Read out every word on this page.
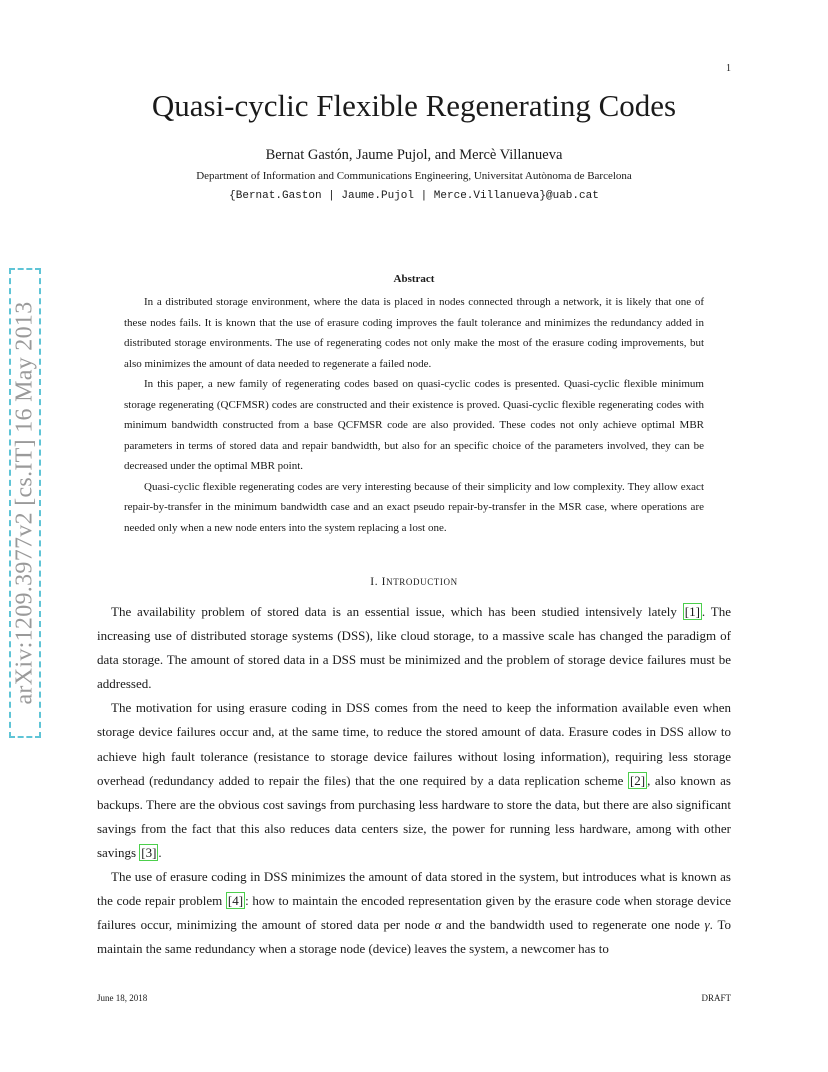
1
arXiv:1209.3977v2 [cs.IT] 16 May 2013
Quasi-cyclic Flexible Regenerating Codes
Bernat Gastón, Jaume Pujol, and Mercè Villanueva
Department of Information and Communications Engineering, Universitat Autònoma de Barcelona
{Bernat.Gaston | Jaume.Pujol | Merce.Villanueva}@uab.cat
Abstract

In a distributed storage environment, where the data is placed in nodes connected through a network, it is likely that one of these nodes fails. It is known that the use of erasure coding improves the fault tolerance and minimizes the redundancy added in distributed storage environments. The use of regenerating codes not only make the most of the erasure coding improvements, but also minimizes the amount of data needed to regenerate a failed node.

In this paper, a new family of regenerating codes based on quasi-cyclic codes is presented. Quasi-cyclic flexible minimum storage regenerating (QCFMSR) codes are constructed and their existence is proved. Quasi-cyclic flexible regenerating codes with minimum bandwidth constructed from a base QCFMSR code are also provided. These codes not only achieve optimal MBR parameters in terms of stored data and repair bandwidth, but also for an specific choice of the parameters involved, they can be decreased under the optimal MBR point.

Quasi-cyclic flexible regenerating codes are very interesting because of their simplicity and low complexity. They allow exact repair-by-transfer in the minimum bandwidth case and an exact pseudo repair-by-transfer in the MSR case, where operations are needed only when a new node enters into the system replacing a lost one.

I. INTRODUCTION

The availability problem of stored data is an essential issue, which has been studied intensively lately [1] . The increasing use of distributed storage systems (DSS), like cloud storage, to a massive scale has changed the paradigm of data storage. The amount of stored data in a DSS must be minimized and the problem of storage device failures must be addressed.

The motivation for using erasure coding in DSS comes from the need to keep the information available even when storage device failures occur and, at the same time, to reduce the stored amount of data. Erasure codes in DSS allow to achieve high fault tolerance (resistance to storage device failures without losing information), requiring less storage overhead (redundancy added to repair the files) that the one required by a data replication scheme [2] , also known as backups. There are the obvious cost savings from purchasing less hardware to store the data, but there are also significant savings from the fact that this also reduces data centers size, the power for running less hardware, among with other savings [3] .

The use of erasure coding in DSS minimizes the amount of data stored in the system, but introduces what is known as the code repair problem [4] : how to maintain the encoded representation given by the erasure code when storage device failures occur, minimizing the amount of stored data per node α and the bandwidth used to regenerate one node γ. To maintain the same redundancy when a storage node (device) leaves the system, a newcomer has to

June 18, 2018	DRAFT
